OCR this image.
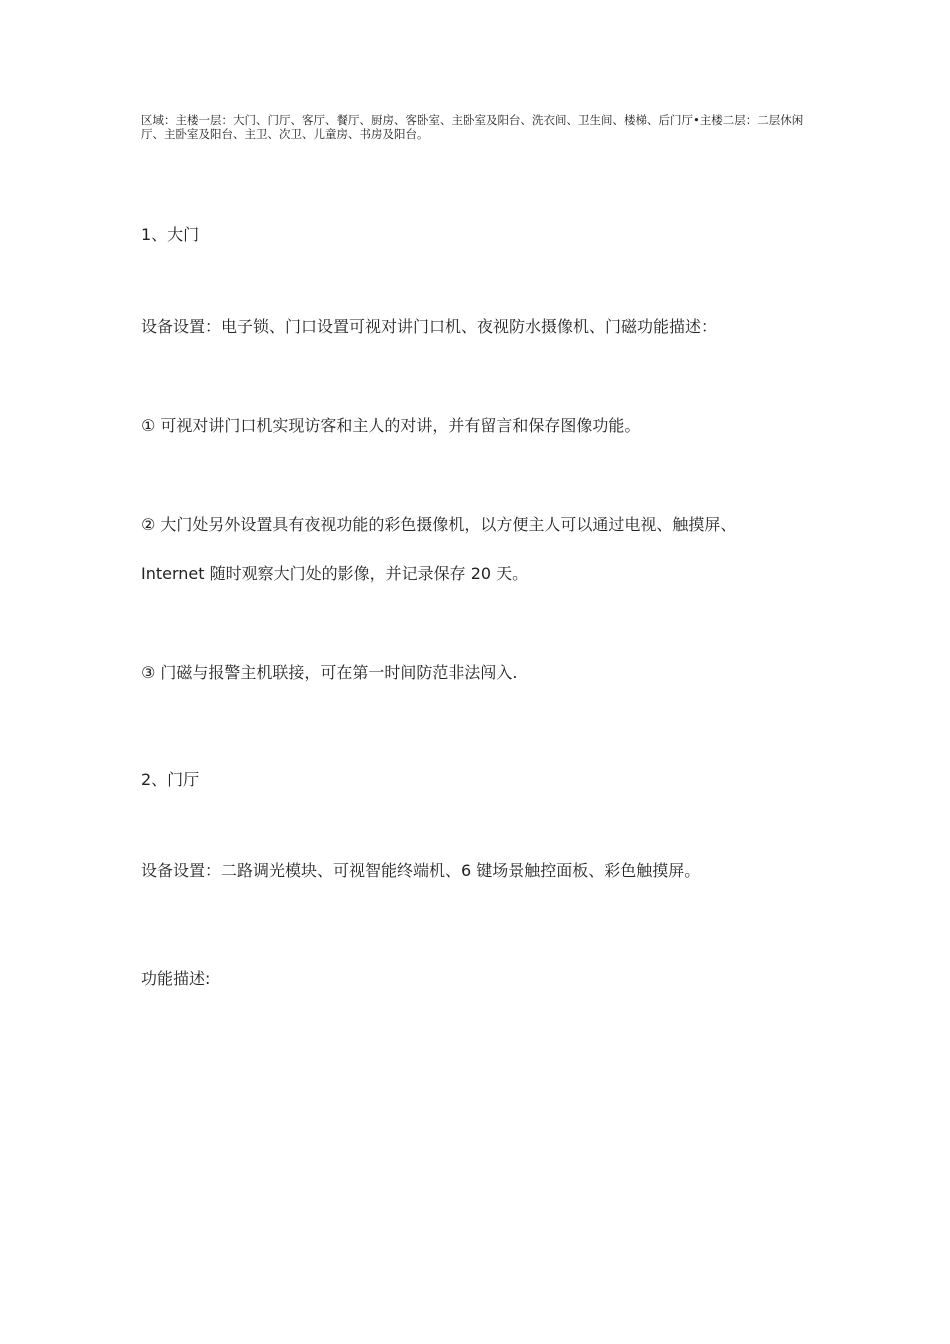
区域：主楼一层：大门、门厅、客厅、餐厅、厨房、客卧室、主卧室及阳台、洗衣间、卫生间、楼梯、后门厅•主楼二层：二层休闲厅、主卧室及阳台、主卫、次卫、儿童房、书房及阳台。
1、大门
设备设置：电子锁、门口设置可视对讲门口机、夜视防水摄像机、门磁功能描述：
① 可视对讲门口机实现访客和主人的对讲，并有留言和保存图像功能。
② 大门处另外设置具有夜视功能的彩色摄像机，以方便主人可以通过电视、触摸屏、
Internet 随时观察大门处的影像，并记录保存 20 天。
③ 门磁与报警主机联接，可在第一时间防范非法闯入.
2、门厅
设备设置：二路调光模块、可视智能终端机、6 键场景触控面板、彩色触摸屏。
功能描述:
